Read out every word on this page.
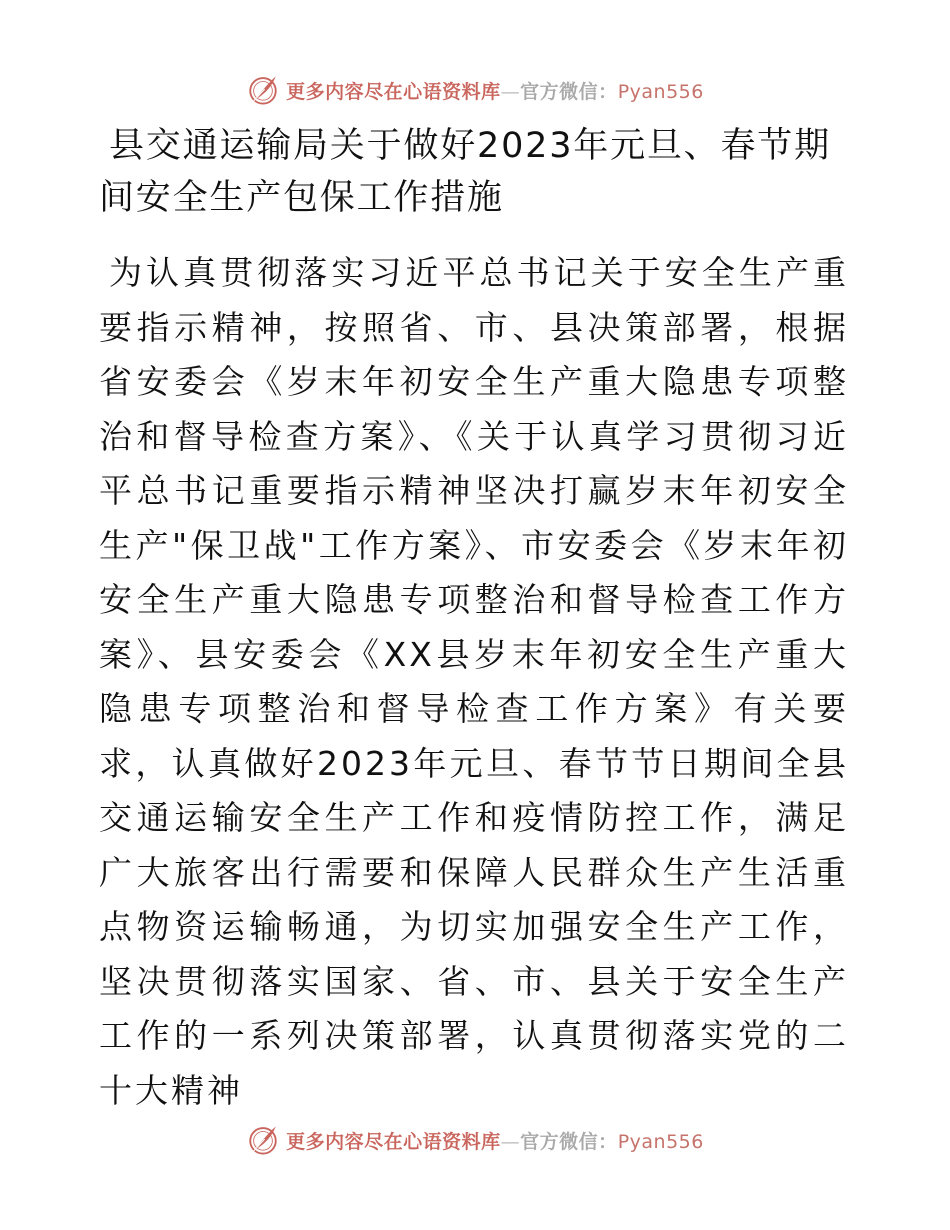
更多内容尽在心语资料库—官方微信：Pyan556
县交通运输局关于做好2023年元旦、春节期间安全生产包保工作措施

为认真贯彻落实习近平总书记关于安全生产重要指示精神，按照省、市、县决策部署，根据省安委会《岁末年初安全生产重大隐患专项整治和督导检查方案》、《关于认真学习贯彻习近平总书记重要指示精神坚决打赢岁末年初安全生产"保卫战"工作方案》、市安委会《岁末年初安全生产重大隐患专项整治和督导检查工作方案》、县安委会《XX县岁末年初安全生产重大隐患专项整治和督导检查工作方案》有关要求，认真做好2023年元旦、春节节日期间全县交通运输安全生产工作和疫情防控工作，满足广大旅客出行需要和保障人民群众生产生活重点物资运输畅通，为切实加强安全生产工作，坚决贯彻落实国家、省、市、县关于安全生产工作的一系列决策部署，认真贯彻落实党的二十大精神

更多内容尽在心语资料库—官方微信：Pyan556
